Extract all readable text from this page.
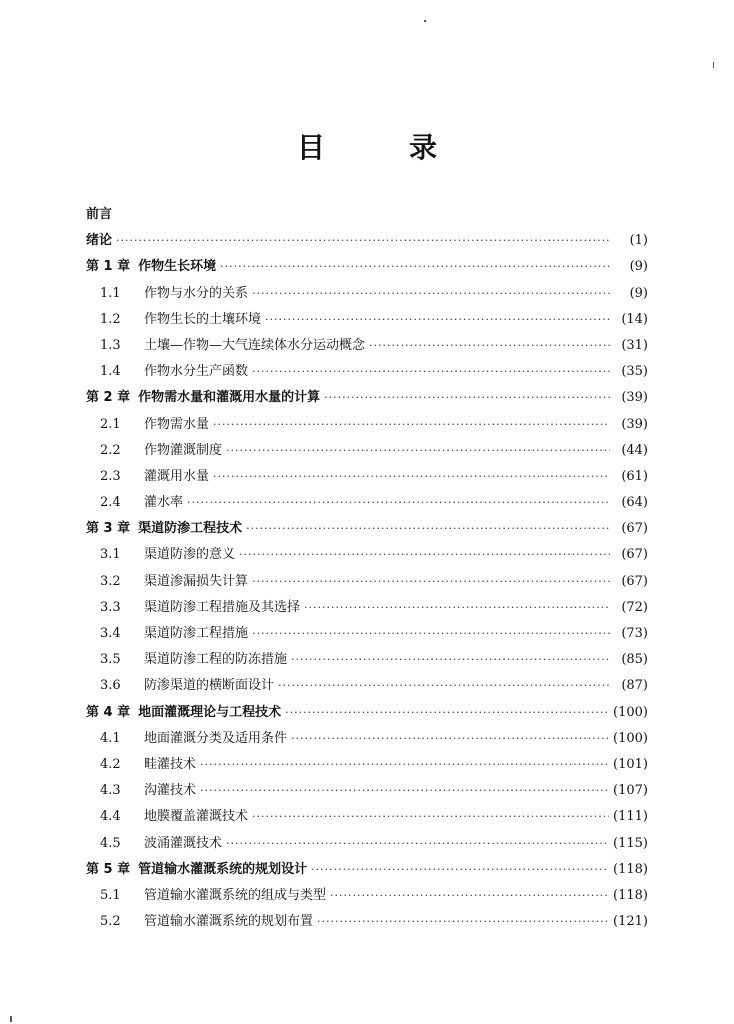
目　录
前言
绪论 ·····	(1)
第 1 章 作物生长环境 ·····	(9)
1.1	作物与水分的关系 ·····	(9)
1.2	作物生长的土壤环境 ·····	(14)
1.3	土壤—作物—大气连续体水分运动概念 ·····	(31)
1.4	作物水分生产函数 ·····	(35)
第 2 章 作物需水量和灌溉用水量的计算 ·····	(39)
2.1	作物需水量 ·····	(39)
2.2	作物灌溉制度 ·····	(44)
2.3	灌溉用水量 ·····	(61)
2.4	灌水率 ·····	(64)
第 3 章 渠道防渗工程技术 ·····	(67)
3.1	渠道防渗的意义 ·····	(67)
3.2	渠道渗漏损失计算 ·····	(67)
3.3	渠道防渗工程措施及其选择 ·····	(72)
3.4	渠道防渗工程措施 ·····	(73)
3.5	渠道防渗工程的防冻措施 ·····	(85)
3.6	防渗渠道的横断面设计 ·····	(87)
第 4 章 地面灌溉理论与工程技术 ·····	(100)
4.1	地面灌溉分类及适用条件 ·····	(100)
4.2	畦灌技术 ·····	(101)
4.3	沟灌技术 ·····	(107)
4.4	地膜覆盖灌溉技术 ·····	(111)
4.5	波涌灌溉技术 ·····	(115)
第 5 章 管道输水灌溉系统的规划设计 ·····	(118)
5.1	管道输水灌溉系统的组成与类型 ·····	(118)
5.2	管道输水灌溉系统的规划布置 ·····	(121)
